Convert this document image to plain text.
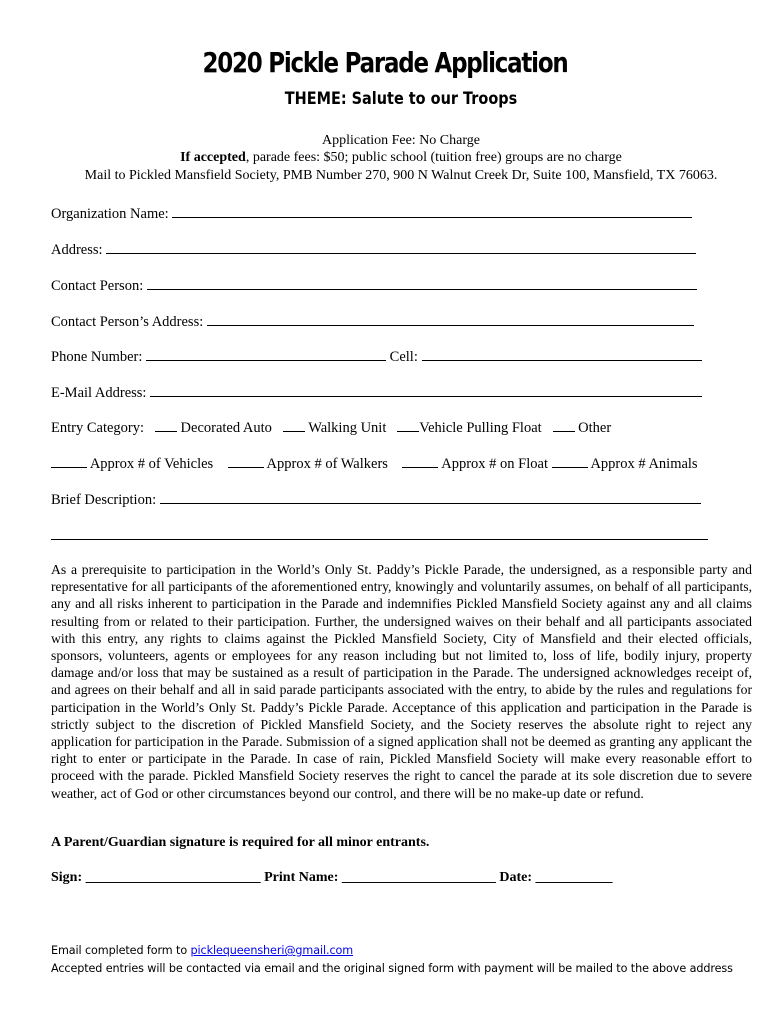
2020 Pickle Parade Application
THEME: Salute to our Troops
Application Fee: No Charge
If accepted, parade fees: $50; public school (tuition free) groups are no charge
Mail to Pickled Mansfield Society, PMB Number 270, 900 N Walnut Creek Dr, Suite 100, Mansfield, TX 76063.
Organization Name:
Address:
Contact Person:
Contact Person’s Address:
Phone Number:	Cell:
E-Mail Address:
Entry Category:	Decorated Auto	Walking Unit Vehicle Pulling Float	Other
Approx # of Vehicles	Approx # of Walkers	Approx # on Float	Approx # Animals
Brief Description:
As a prerequisite to participation in the World’s Only St. Paddy’s Pickle Parade, the undersigned, as a responsible party and representative for all participants of the aforementioned entry, knowingly and voluntarily assumes, on behalf of all participants, any and all risks inherent to participation in the Parade and indemnifies Pickled Mansfield Society against any and all claims resulting from or related to their participation. Further, the undersigned waives on their behalf and all participants associated with this entry, any rights to claims against the Pickled Mansfield Society, City of Mansfield and their elected officials, sponsors, volunteers, agents or employees for any reason including but not limited to, loss of life, bodily injury, property damage and/or loss that may be sustained as a result of participation in the Parade. The undersigned acknowledges receipt of, and agrees on their behalf and all in said parade participants associated with the entry, to abide by the rules and regulations for participation in the World’s Only St. Paddy’s Pickle Parade. Acceptance of this application and participation in the Parade is strictly subject to the discretion of Pickled Mansfield Society, and the Society reserves the absolute right to reject any application for participation in the Parade. Submission of a signed application shall not be deemed as granting any applicant the right to enter or participate in the Parade. In case of rain, Pickled Mansfield Society will make every reasonable effort to proceed with the parade. Pickled Mansfield Society reserves the right to cancel the parade at its sole discretion due to severe weather, act of God or other circumstances beyond our control, and there will be no make-up date or refund.
A Parent/Guardian signature is required for all minor entrants.
Sign: _________________________ Print Name: ______________________ Date: ___________
Email completed form to picklequeensheri@gmail.com
Accepted entries will be contacted via email and the original signed form with payment will be mailed to the above address
